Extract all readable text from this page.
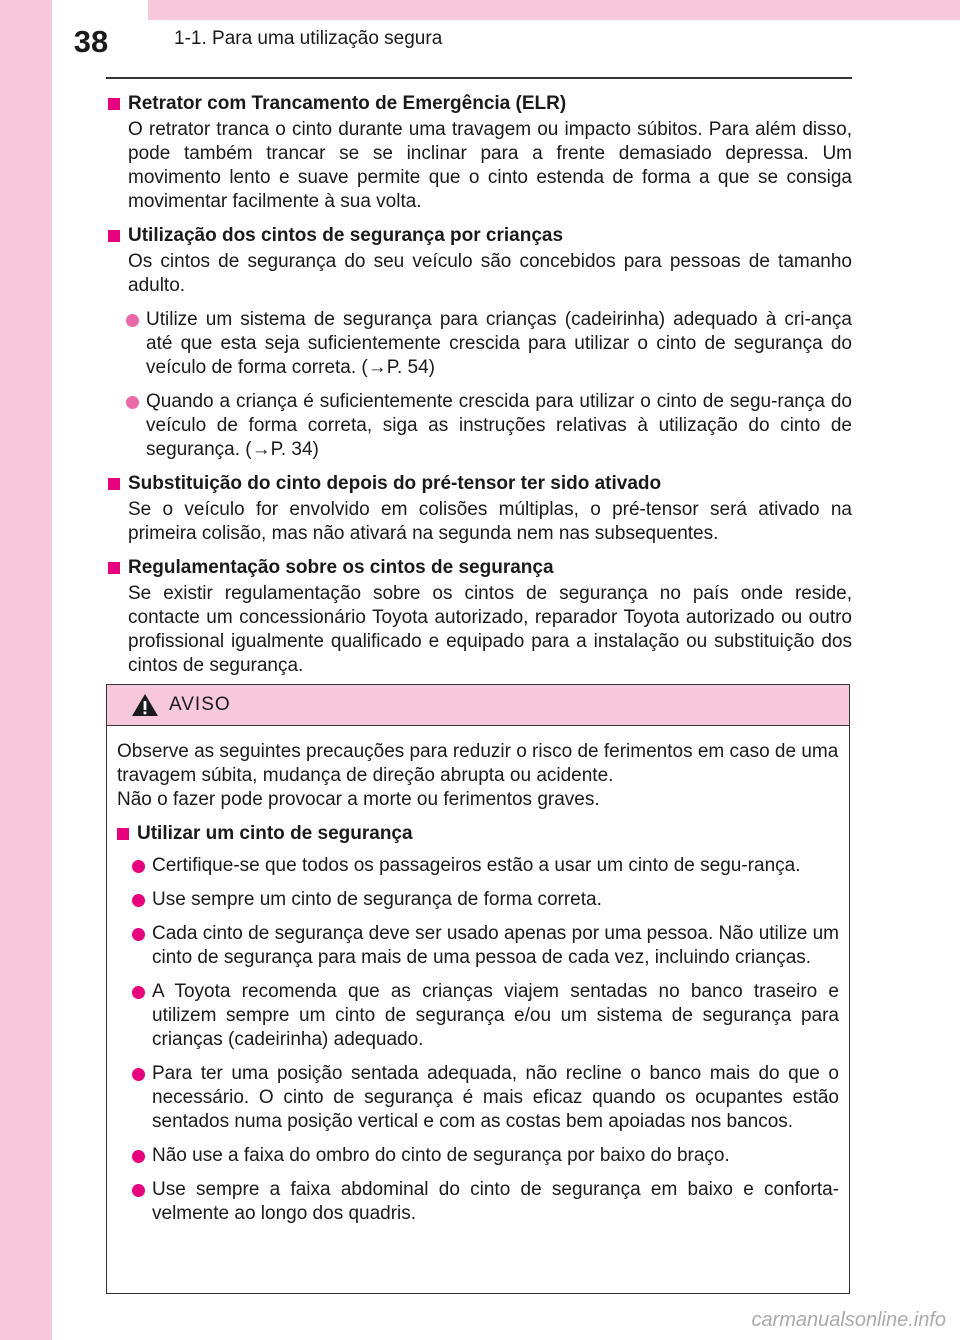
38	1-1. Para uma utilização segura
Retrator com Trancamento de Emergência (ELR)
O retrator tranca o cinto durante uma travagem ou impacto súbitos. Para além disso, pode também trancar se se inclinar para a frente demasiado depressa. Um movimento lento e suave permite que o cinto estenda de forma a que se consiga movimentar facilmente à sua volta.
Utilização dos cintos de segurança por crianças
Os cintos de segurança do seu veículo são concebidos para pessoas de tamanho adulto.
Utilize um sistema de segurança para crianças (cadeirinha) adequado à cri-ança até que esta seja suficientemente crescida para utilizar o cinto de segurança do veículo de forma correta. (→P. 54)
Quando a criança é suficientemente crescida para utilizar o cinto de segu-rança do veículo de forma correta, siga as instruções relativas à utilização do cinto de segurança. (→P. 34)
Substituição do cinto depois do pré-tensor ter sido ativado
Se o veículo for envolvido em colisões múltiplas, o pré-tensor será ativado na primeira colisão, mas não ativará na segunda nem nas subsequentes.
Regulamentação sobre os cintos de segurança
Se existir regulamentação sobre os cintos de segurança no país onde reside, contacte um concessionário Toyota autorizado, reparador Toyota autorizado ou outro profissional igualmente qualificado e equipado para a instalação ou substituição dos cintos de segurança.
AVISO
Observe as seguintes precauções para reduzir o risco de ferimentos em caso de uma travagem súbita, mudança de direção abrupta ou acidente.
Não o fazer pode provocar a morte ou ferimentos graves.
Utilizar um cinto de segurança
Certifique-se que todos os passageiros estão a usar um cinto de segu-rança.
Use sempre um cinto de segurança de forma correta.
Cada cinto de segurança deve ser usado apenas por uma pessoa. Não utilize um cinto de segurança para mais de uma pessoa de cada vez, incluindo crianças.
A Toyota recomenda que as crianças viajem sentadas no banco traseiro e utilizem sempre um cinto de segurança e/ou um sistema de segurança para crianças (cadeirinha) adequado.
Para ter uma posição sentada adequada, não recline o banco mais do que o necessário. O cinto de segurança é mais eficaz quando os ocupantes estão sentados numa posição vertical e com as costas bem apoiadas nos bancos.
Não use a faixa do ombro do cinto de segurança por baixo do braço.
Use sempre a faixa abdominal do cinto de segurança em baixo e conforta-velmente ao longo dos quadris.
carmanualsonline.info
